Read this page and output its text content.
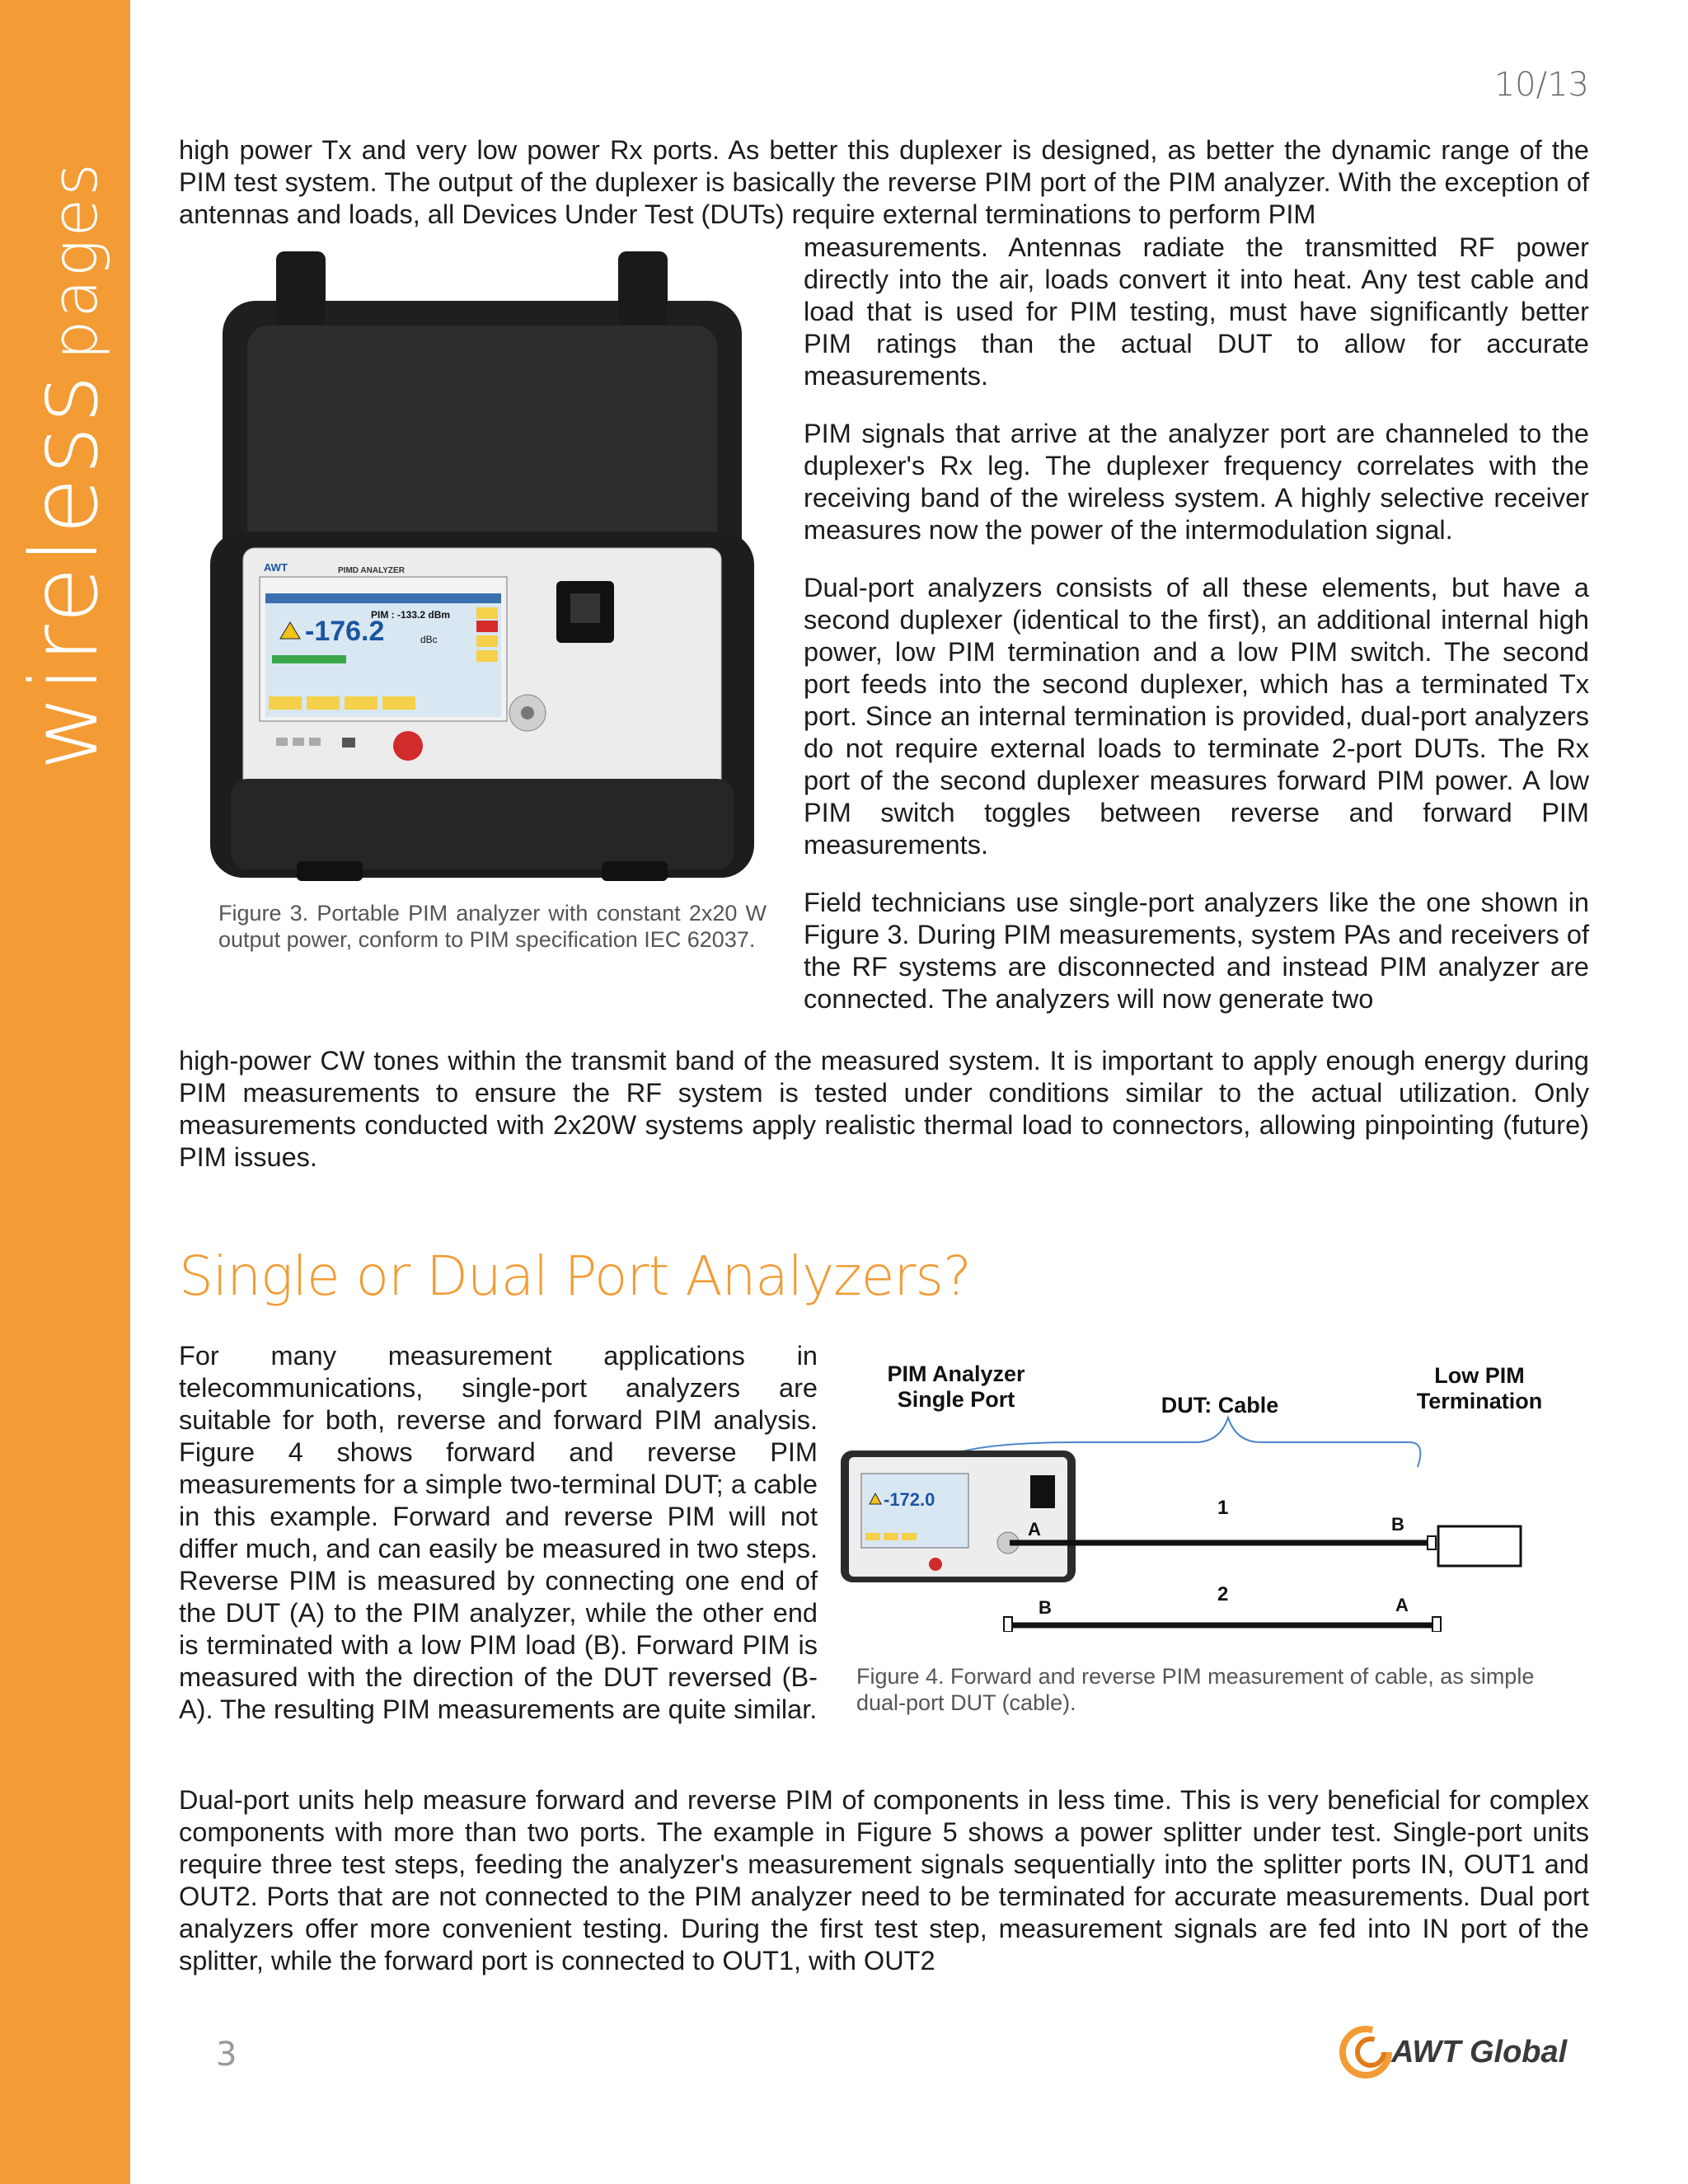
wirelesspages
10/13

high power Tx and very low power Rx ports. As better this duplexer is designed, as better the dynamic range of the PIM test system. The output of the duplexer is basically the reverse PIM port of the PIM analyzer. With the exception of antennas and loads, all Devices Under Test (DUTs) require external terminations to perform PIM

-176.2
PIM : -133.2 dBm
dBc
AWT	PIMD ANALYZER
Figure 3. Portable PIM analyzer with constant 2x20 W output power, conform to PIM specification IEC 62037.

measurements. Antennas radiate the transmitted RF power directly into the air, loads convert it into heat. Any test cable and load that is used for PIM testing, must have significantly better PIM ratings than the actual DUT to allow for accurate measurements.

PIM signals that arrive at the analyzer port are channeled to the duplexer's Rx leg. The duplexer frequency correlates with the receiving band of the wireless system. A highly selective receiver measures now the power of the intermodulation signal.

Dual-port analyzers consists of all these elements, but have a second duplexer (identical to the first), an additional internal high power, low PIM termination and a low PIM switch. The second port feeds into the second duplexer, which has a terminated Tx port. Since an internal termination is provided, dual-port analyzers do not require external loads to terminate 2-port DUTs. The Rx port of the second duplexer measures forward PIM power. A low PIM switch toggles between reverse and forward PIM measurements.

Field technicians use single-port analyzers like the one shown in Figure 3. During PIM measurements, system PAs and receivers of the RF systems are disconnected and instead PIM analyzer are connected. The analyzers will now generate two

high-power CW tones within the transmit band of the measured system. It is important to apply enough energy during PIM measurements to ensure the RF system is tested under conditions similar to the actual utilization. Only measurements conducted with 2x20W systems apply realistic thermal load to connectors, allowing pinpointing (future) PIM issues.

Single or Dual Port Analyzers?

For many measurement applications in telecommunications, single-port analyzers are suitable for both, reverse and forward PIM analysis. Figure 4 shows forward and reverse PIM measurements for a simple two-terminal DUT; a cable in this example. Forward and reverse PIM will not differ much, and can easily be measured in two steps. Reverse PIM is measured by connecting one end of the DUT (A) to the PIM analyzer, while the other end is terminated with a low PIM load (B). Forward PIM is measured with the direction of the DUT reversed (B-A). The resulting PIM measurements are quite similar.

PIM Analyzer
Single Port	DUT: Cable
Low PIM
Termination
-172.0
A
1
B
2
B	A
Figure 4. Forward and reverse PIM measurement of cable, as simple dual-port DUT (cable).

Dual-port units help measure forward and reverse PIM of components in less time. This is very beneficial for complex components with more than two ports. The example in Figure 5 shows a power splitter under test. Single-port units require three test steps, feeding the analyzer's measurement signals sequentially into the splitter ports IN, OUT1 and OUT2. Ports that are not connected to the PIM analyzer need to be terminated for accurate measurements. Dual port analyzers offer more convenient testing. During the first test step, measurement signals are fed into IN port of the splitter, while the forward port is connected to OUT1, with OUT2

3	AWT Global
